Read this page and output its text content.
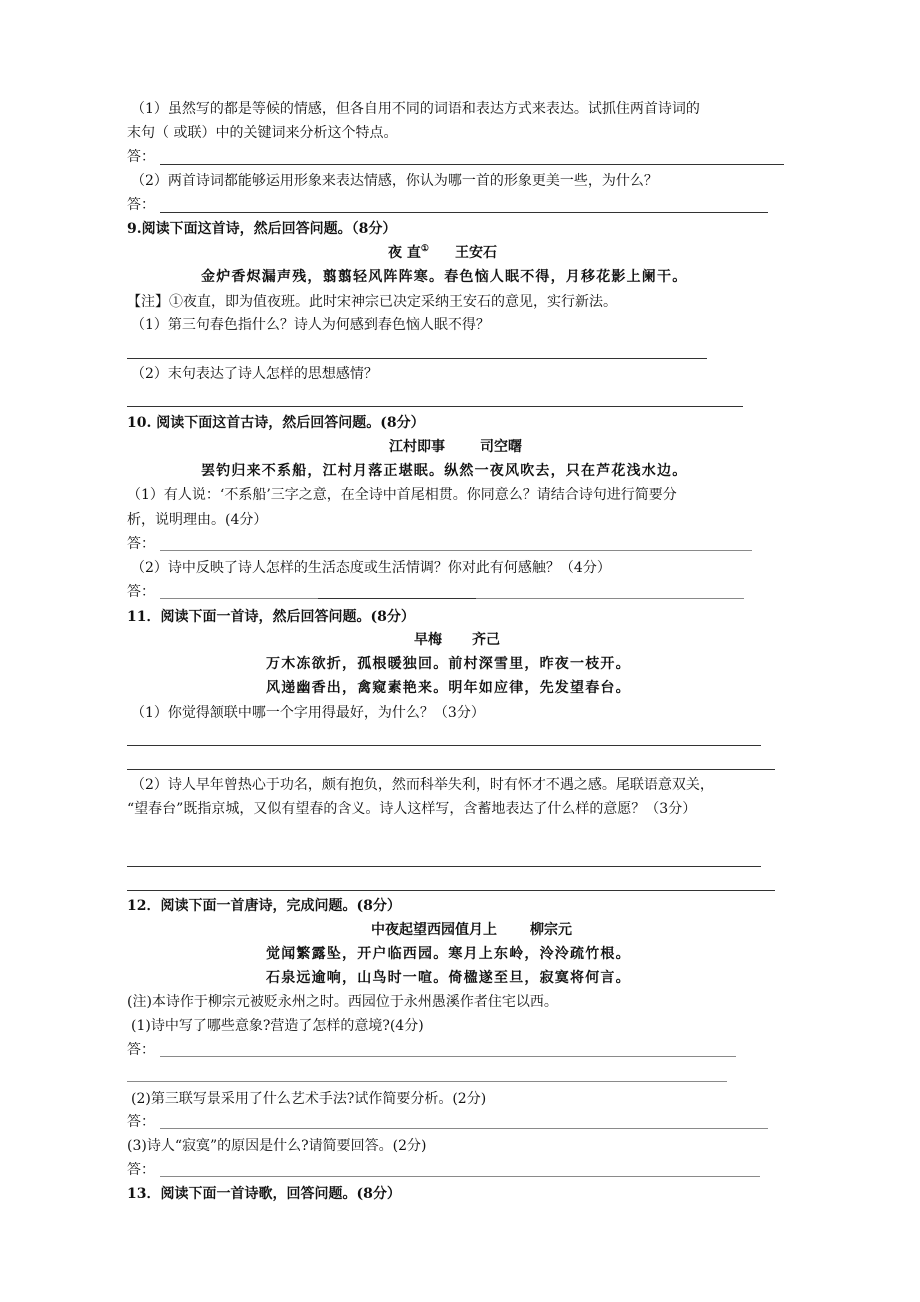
（1）虽然写的都是等候的情感，但各自用不同的词语和表达方式来表达。试抓住两首诗词的
末句（ 或联）中的关键词来分析这个特点。
答：
（2）两首诗词都能够运用形象来表达情感，你认为哪一首的形象更美一些，为什么？
答：
9.阅读下面这首诗，然后回答问题。（8分）
夜 直① 王安石
金炉香烬漏声残，翦翦轻风阵阵寒。春色恼人眠不得，月移花影上阑干。
【注】①夜直，即为值夜班。此时宋神宗已决定采纳王安石的意见，实行新法。
（1）第三句春色指什么？诗人为何感到春色恼人眠不得？
（2）末句表达了诗人怎样的思想感情？
10. 阅读下面这首古诗，然后回答问题。(8分）
江村即事	司空曙
罢钓归来不系船，江村月落正堪眠。纵然一夜风吹去，只在芦花浅水边。
（1）有人说：‘不系船’三字之意，在全诗中首尾相贯。你同意么？请结合诗句进行简要分
析，说明理由。(4分）
答：
（2）诗中反映了诗人怎样的生活态度或生活情调？你对此有何感触？（4分）
答：
11．阅读下面一首诗，然后回答问题。(8分）
早梅 齐己
万木冻欲折，孤根暖独回。前村深雪里，昨夜一枝开。
风递幽香出，禽窥素艳来。明年如应律，先发望春台。
（1）你觉得颔联中哪一个字用得最好，为什么？（3分）
（2）诗人早年曾热心于功名，颇有抱负，然而科举失利，时有怀才不遇之感。尾联语意双关，
“望春台”既指京城，又似有望春的含义。诗人这样写，含蓄地表达了什么样的意愿？（3分）
12．阅读下面一首唐诗，完成问题。(8分）
中夜起望西园值月上 柳宗元
觉闻繁露坠，开户临西园。寒月上东岭，泠泠疏竹根。
石泉远逾响，山鸟时一喧。倚楹遂至旦，寂寞将何言。
(注)本诗作于柳宗元被贬永州之时。西园位于永州愚溪作者住宅以西。
(1)诗中写了哪些意象?营造了怎样的意境?(4分)
答：
(2)第三联写景采用了什么艺术手法?试作简要分析。(2分)
答：
(3)诗人“寂寞”的原因是什么?请简要回答。(2分)
答：
13．阅读下面一首诗歌，回答问题。(8分）
